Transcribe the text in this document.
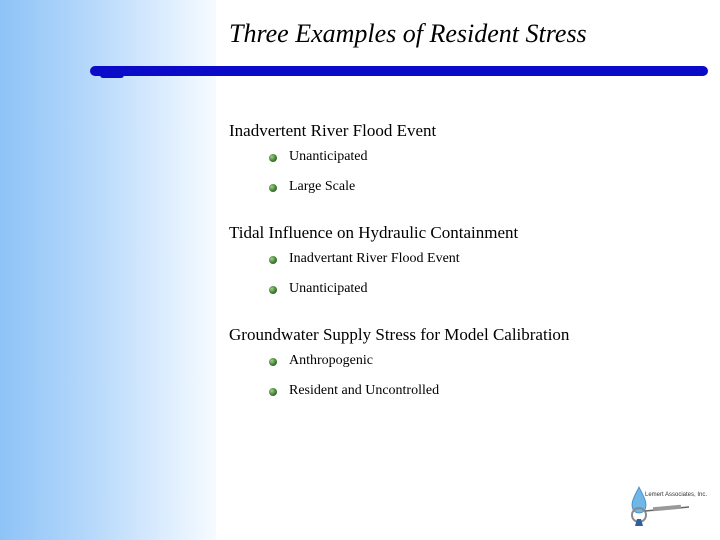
Three Examples of Resident Stress
Inadvertent River Flood Event
Unanticipated
Large Scale
Tidal Influence on Hydraulic Containment
Inadvertant River Flood Event
Unanticipated
Groundwater Supply Stress for Model Calibration
Anthropogenic
Resident and Uncontrolled
Lemert Associates, Inc.
